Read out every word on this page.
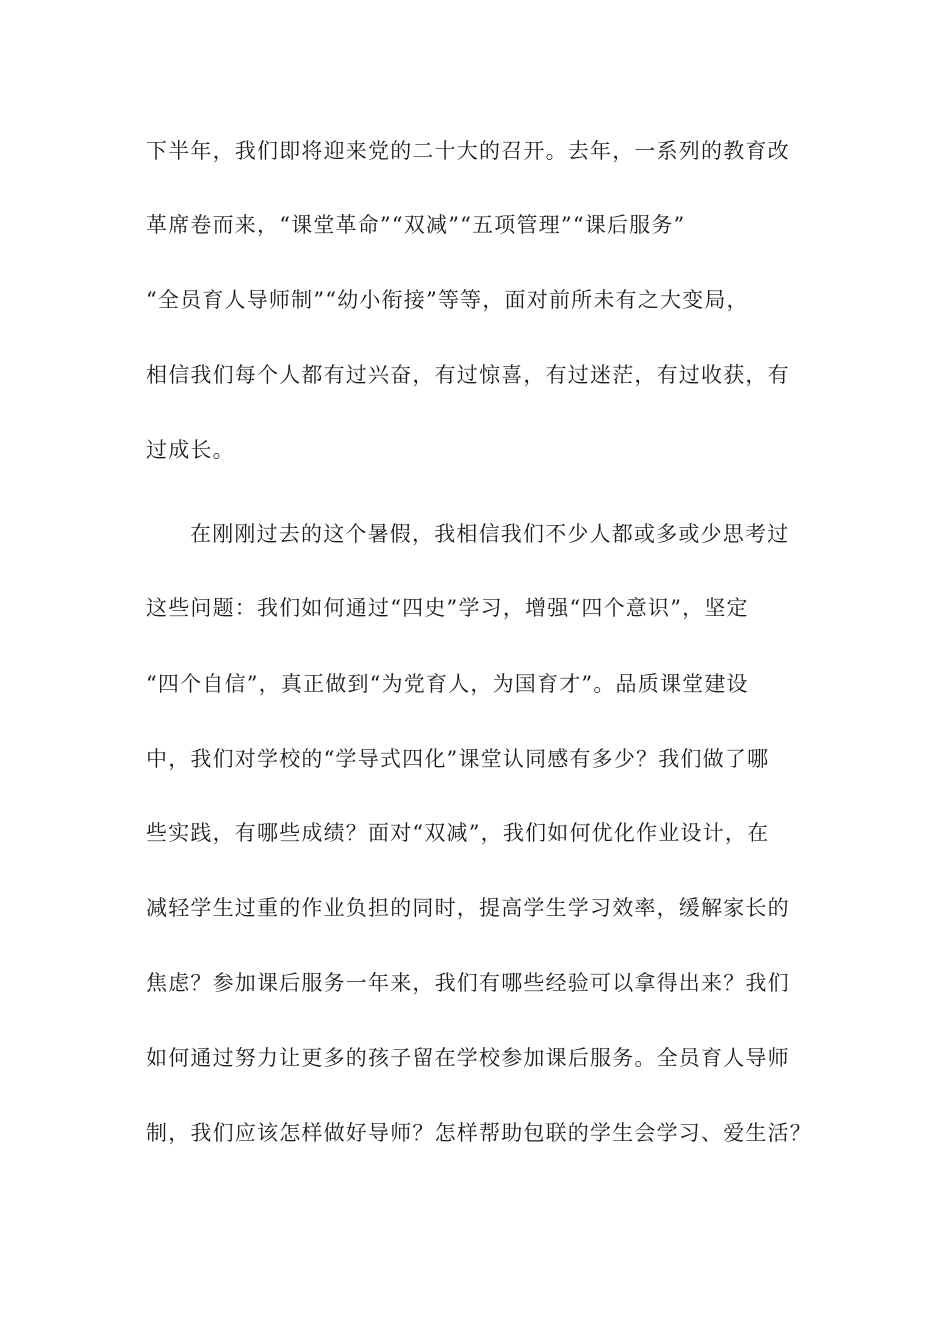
下半年，我们即将迎来党的二十大的召开。去年，一系列的教育改
革席卷而来，“课堂革命”“双减”“五项管理”“课后服务”
“全员育人导师制”“幼小衔接”等等，面对前所未有之大变局，
相信我们每个人都有过兴奋，有过惊喜，有过迷茫，有过收获，有
过成长。
在刚刚过去的这个暑假，我相信我们不少人都或多或少思考过
这些问题：我们如何通过“四史”学习，增强“四个意识”，坚定
“四个自信”，真正做到“为党育人，为国育才”。品质课堂建设
中，我们对学校的“学导式四化”课堂认同感有多少？我们做了哪
些实践，有哪些成绩？面对“双减”，我们如何优化作业设计，在
减轻学生过重的作业负担的同时，提高学生学习效率，缓解家长的
焦虑？参加课后服务一年来，我们有哪些经验可以拿得出来？我们
如何通过努力让更多的孩子留在学校参加课后服务。全员育人导师
制，我们应该怎样做好导师？怎样帮助包联的学生会学习、爱生活？
